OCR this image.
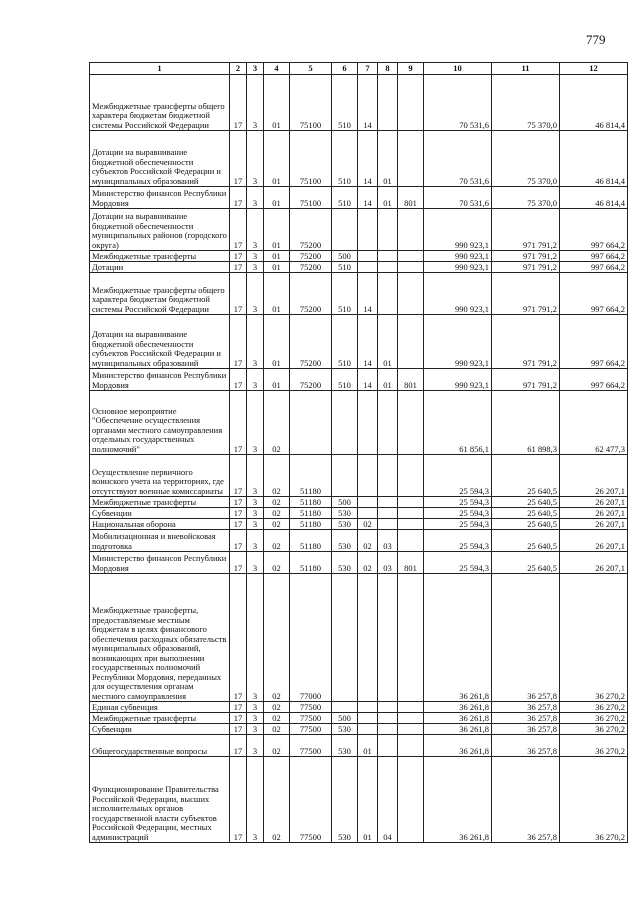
779
1	2	3	4	5	6	7	8	9	10	11	12
Межбюджетные трансферты общего характера бюджетам бюджетной системы Российской Федерации	17	3	01	75100	510	14			70 531,6	75 370,0	46 814,4
Дотации на выравнивание бюджетной обеспеченности субъектов Российской Федерации и муниципальных образований	17	3	01	75100	510	14	01		70 531,6	75 370,0	46 814,4
Министерство финансов Республики Мордовия	17	3	01	75100	510	14	01	801	70 531,6	75 370,0	46 814,4
Дотации на выравнивание бюджетной обеспеченности муниципальных районов (городского округа)	17	3	01	75200					990 923,1	971 791,2	997 664,2
Межбюджетные трансферты	17	3	01	75200	500				990 923,1	971 791,2	997 664,2
Дотации	17	3	01	75200	510				990 923,1	971 791,2	997 664,2
Межбюджетные трансферты общего характера бюджетам бюджетной системы Российской Федерации	17	3	01	75200	510	14			990 923,1	971 791,2	997 664,2
Дотации на выравнивание бюджетной обеспеченности субъектов Российской Федерации и муниципальных образований	17	3	01	75200	510	14	01		990 923,1	971 791,2	997 664,2
Министерство финансов Республики Мордовия	17	3	01	75200	510	14	01	801	990 923,1	971 791,2	997 664,2
Основное мероприятие "Обеспечение осуществления органами местного самоуправления отдельных государственных полномочий"	17	3	02						61 856,1	61 898,3	62 477,3
Осуществление первичного воинского учета на территориях, где отсутствуют военные комиссариаты	17	3	02	51180					25 594,3	25 640,5	26 207,1
Межбюджетные трансферты	17	3	02	51180	500				25 594,3	25 640,5	26 207,1
Субвенции	17	3	02	51180	530				25 594,3	25 640,5	26 207,1
Национальная оборона	17	3	02	51180	530	02			25 594,3	25 640,5	26 207,1
Мобилизационная и вневойсковая подготовка	17	3	02	51180	530	02	03		25 594,3	25 640,5	26 207,1
Министерство финансов Республики Мордовия	17	3	02	51180	530	02	03	801	25 594,3	25 640,5	26 207,1
Межбюджетные трансферты, предоставляемые местным бюджетам в целях финансового обеспечения расходных обязательств муниципальных образований, возникающих при выполнении государственных полномочий Республики Мордовия, переданных для осуществления органам местного самоуправления	17	3	02	77000					36 261,8	36 257,8	36 270,2
Единая субвенция	17	3	02	77500					36 261,8	36 257,8	36 270,2
Межбюджетные трансферты	17	3	02	77500	500				36 261,8	36 257,8	36 270,2
Субвенции	17	3	02	77500	530				36 261,8	36 257,8	36 270,2
Общегосударственные вопросы	17	3	02	77500	530	01			36 261,8	36 257,8	36 270,2
Функционирование Правительства Российской Федерации, высших исполнительных органов государственной власти субъектов Российской Федерации, местных администраций	17	3	02	77500	530	01	04		36 261,8	36 257,8	36 270,2
